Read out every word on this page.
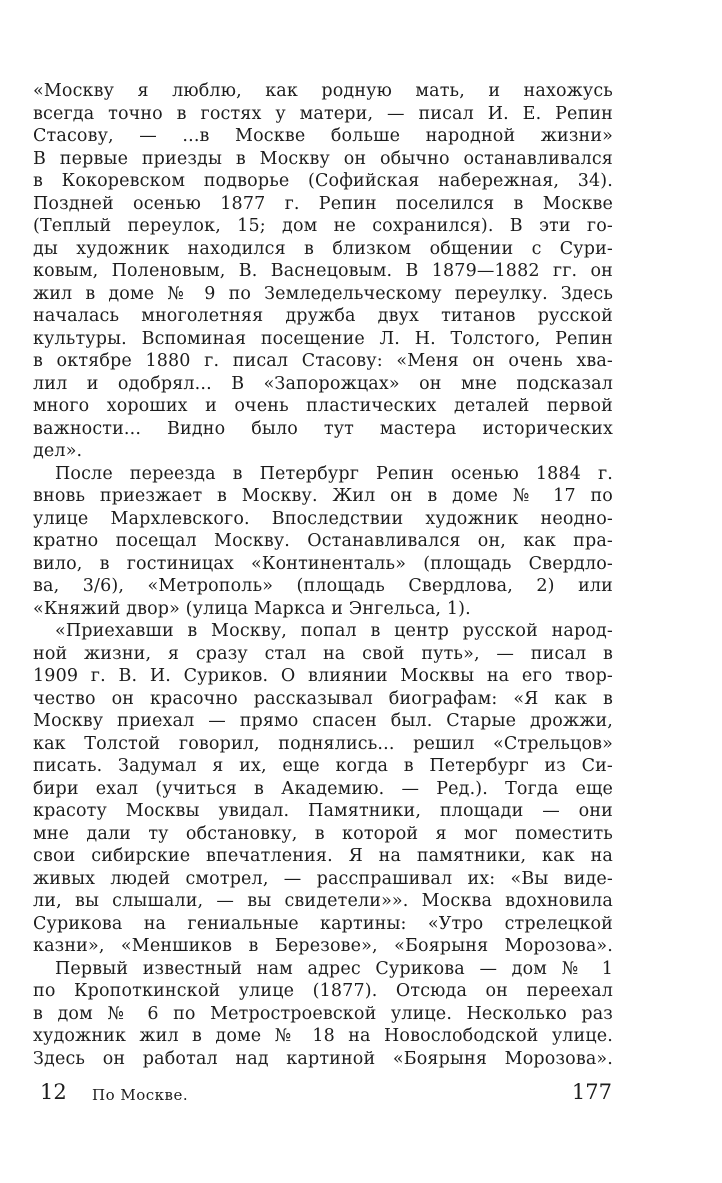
«Москву я люблю, как родную мать, и нахожусь
всегда точно в гостях у матери, — писал И. Е. Репин
Стасову, — ...в Москве больше народной жизни»
В первые приезды в Москву он обычно останавливался
в Кокоревском подворье (Софийская набережная, 34).
Поздней осенью 1877 г. Репин поселился в Москве
(Теплый переулок, 15; дом не сохранился). В эти го-
ды художник находился в близком общении с Сури-
ковым, Поленовым, В. Васнецовым. В 1879—1882 гг. он
жил в доме № 9 по Земледельческому переулку. Здесь
началась многолетняя дружба двух титанов русской
культуры. Вспоминая посещение Л. Н. Толстого, Репин
в октябре 1880 г. писал Стасову: «Меня он очень хва-
лил и одобрял... В «Запорожцах» он мне подсказал
много хороших и очень пластических деталей первой
важности... Видно было тут мастера исторических
дел».
После переезда в Петербург Репин осенью 1884 г.
вновь приезжает в Москву. Жил он в доме № 17 по
улице Мархлевского. Впоследствии художник неодно-
кратно посещал Москву. Останавливался он, как пра-
вило, в гостиницах «Континенталь» (площадь Свердло-
ва, 3/6), «Метрополь» (площадь Свердлова, 2) или
«Княжий двор» (улица Маркса и Энгельса, 1).
«Приехавши в Москву, попал в центр русской народ-
ной жизни, я сразу стал на свой путь», — писал в
1909 г. В. И. Суриков. О влиянии Москвы на его твор-
чество он красочно рассказывал биографам: «Я как в
Москву приехал — прямо спасен был. Старые дрожжи,
как Толстой говорил, поднялись... решил «Стрельцов»
писать. Задумал я их, еще когда в Петербург из Си-
бири ехал (учиться в Академию. — Ред.). Тогда еще
красоту Москвы увидал. Памятники, площади — они
мне дали ту обстановку, в которой я мог поместить
свои сибирские впечатления. Я на памятники, как на
живых людей смотрел, — расспрашивал их: «Вы виде-
ли, вы слышали, — вы свидетели»». Москва вдохновила
Сурикова на гениальные картины: «Утро стрелецкой
казни», «Меншиков в Березове», «Боярыня Морозова».
Первый известный нам адрес Сурикова — дом № 1
по Кропоткинской улице (1877). Отсюда он переехал
в дом № 6 по Метростроевской улице. Несколько раз
художник жил в доме № 18 на Новослободской улице.
Здесь он работал над картиной «Боярыня Морозова».
12 По Москве.	177
